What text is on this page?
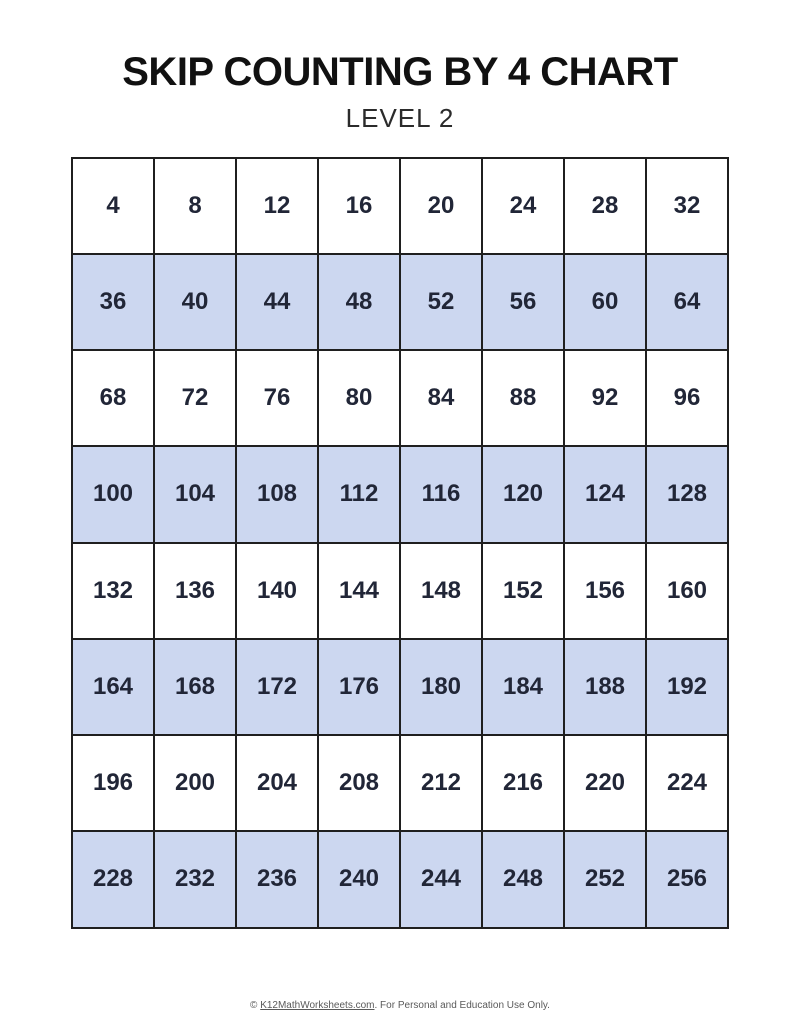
SKIP COUNTING BY 4 CHART
LEVEL 2
4	8	12	16	20	24	28	32
36	40	44	48	52	56	60	64
68	72	76	80	84	88	92	96
100	104	108	112	116	120	124	128
132	136	140	144	148	152	156	160
164	168	172	176	180	184	188	192
196	200	204	208	212	216	220	224
228	232	236	240	244	248	252	256
© K12MathWorksheets.com. For Personal and Education Use Only.
